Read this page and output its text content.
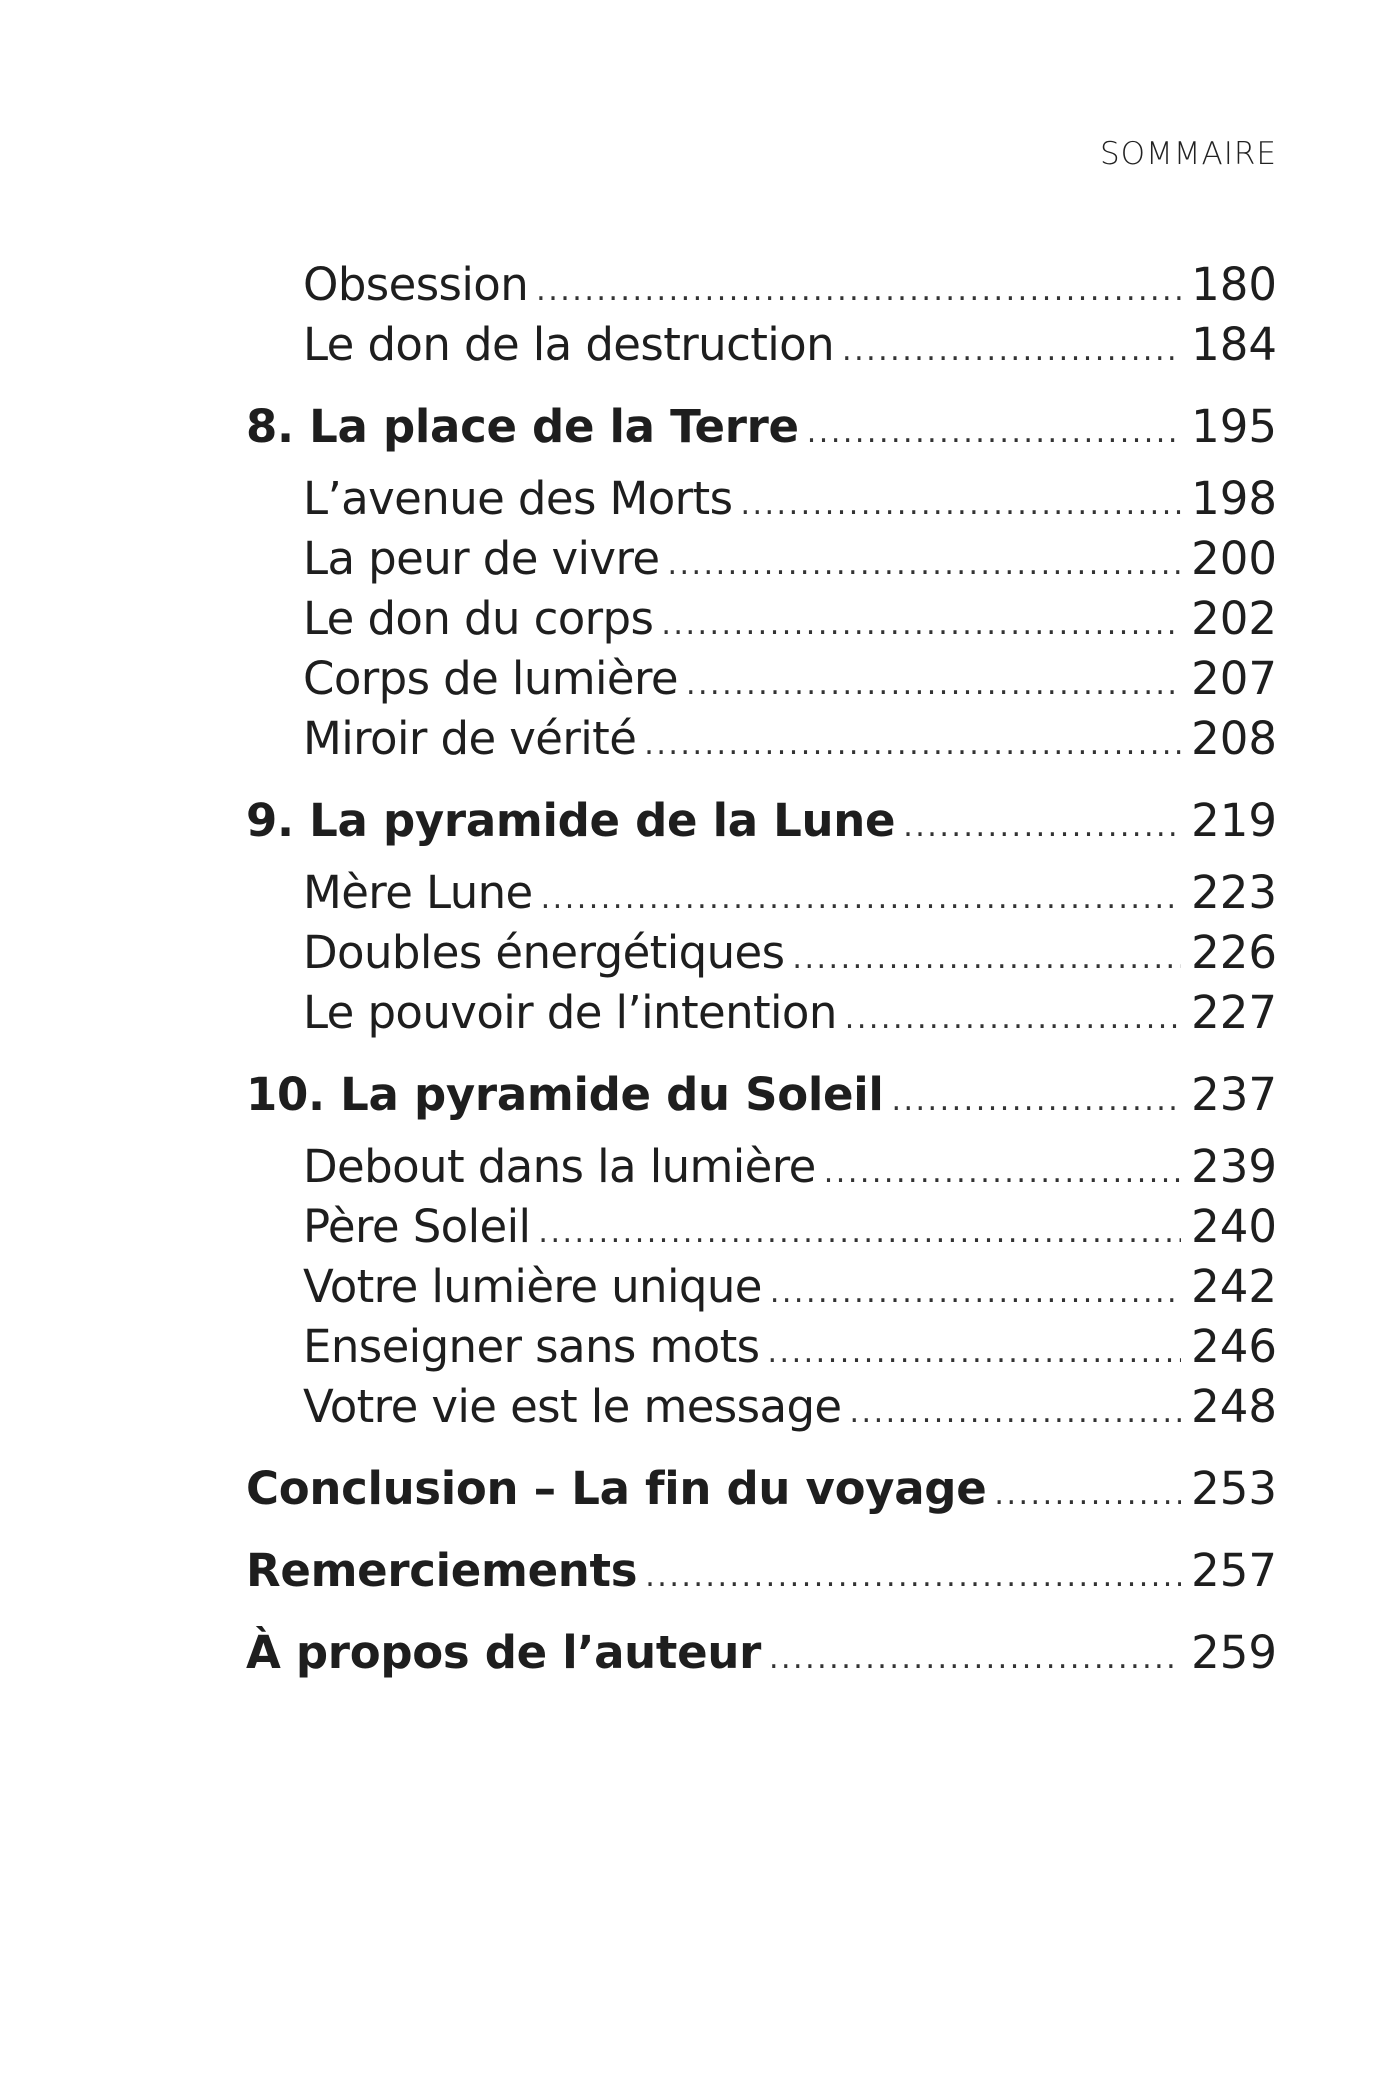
SOMMAIRE
Obsession .....	180
Le don de la destruction .....	184
8. La place de la Terre .....	195
L’avenue des Morts .....	198
La peur de vivre .....	200
Le don du corps .....	202
Corps de lumière .....	207
Miroir de vérité .....	208
9. La pyramide de la Lune .....	219
Mère Lune .....	223
Doubles énergétiques .....	226
Le pouvoir de l’intention .....	227
10. La pyramide du Soleil .....	237
Debout dans la lumière .....	239
Père Soleil .....	240
Votre lumière unique .....	242
Enseigner sans mots .....	246
Votre vie est le message .....	248
Conclusion – La fin du voyage .....	253
Remerciements .....	257
À propos de l’auteur .....	259
